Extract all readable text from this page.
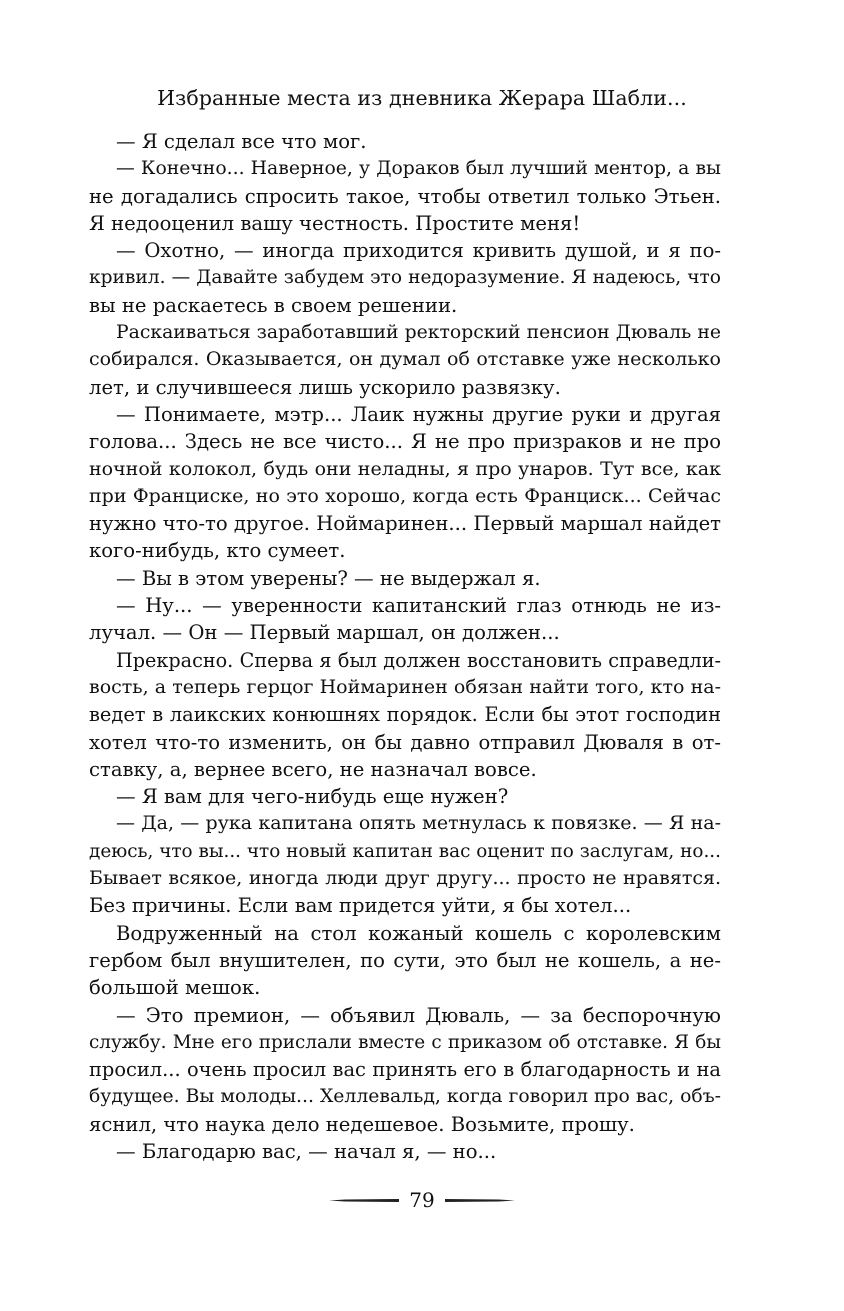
Избранные места из дневника Жерара Шабли...
— Я сделал все что мог.
— Конечно... Наверное, у Дораков был лучший ментор, а вы
не догадались спросить такое, чтобы ответил только Этьен.
Я недооценил вашу честность. Простите меня!
— Охотно, — иногда приходится кривить душой, и я по-
кривил. — Давайте забудем это недоразумение. Я надеюсь, что
вы не раскаетесь в своем решении.
Раскаиваться заработавший ректорский пенсион Дюваль не
собирался. Оказывается, он думал об отставке уже несколько
лет, и случившееся лишь ускорило развязку.
— Понимаете, мэтр... Лаик нужны другие руки и другая
голова... Здесь не все чисто... Я не про призраков и не про
ночной колокол, будь они неладны, я про унаров. Тут все, как
при Франциске, но это хорошо, когда есть Франциск... Сейчас
нужно что-то другое. Ноймаринен... Первый маршал найдет
кого-нибудь, кто сумеет.
— Вы в этом уверены? — не выдержал я.
— Ну... — уверенности капитанский глаз отнюдь не из-
лучал. — Он — Первый маршал, он должен...
Прекрасно. Сперва я был должен восстановить справедли-
вость, а теперь герцог Ноймаринен обязан найти того, кто на-
ведет в лаикских конюшнях порядок. Если бы этот господин
хотел что-то изменить, он бы давно отправил Дюваля в от-
ставку, а, вернее всего, не назначал вовсе.
— Я вам для чего-нибудь еще нужен?
— Да, — рука капитана опять метнулась к повязке. — Я на-
деюсь, что вы... что новый капитан вас оценит по заслугам, но...
Бывает всякое, иногда люди друг другу... просто не нравятся.
Без причины. Если вам придется уйти, я бы хотел...
Водруженный на стол кожаный кошель с королевским
гербом был внушителен, по сути, это был не кошель, а не-
большой мешок.
— Это премион, — объявил Дюваль, — за беспорочную
службу. Мне его прислали вместе с приказом об отставке. Я бы
просил... очень просил вас принять его в благодарность и на
будущее. Вы молоды... Хеллевальд, когда говорил про вас, объ-
яснил, что наука дело недешевое. Возьмите, прошу.
— Благодарю вас, — начал я, — но...
79
